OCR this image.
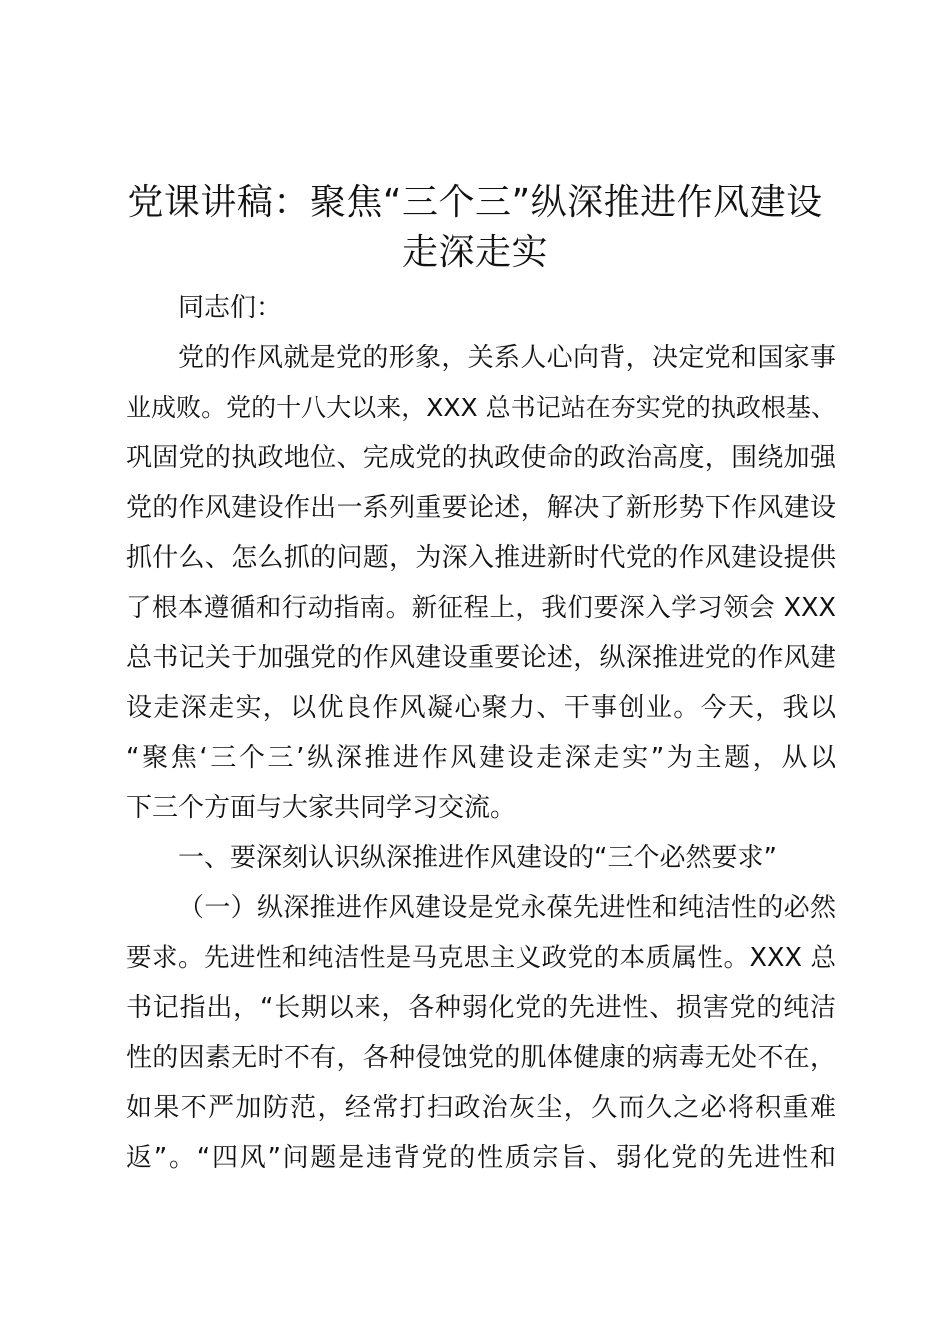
党课讲稿：聚焦“三个三”纵深推进作风建设
走深走实
同志们：
党的作风就是党的形象，关系人心向背，决定党和国家事
业成败。党的十八大以来，XXX 总书记站在夯实党的执政根基、
巩固党的执政地位、完成党的执政使命的政治高度，围绕加强
党的作风建设作出一系列重要论述，解决了新形势下作风建设
抓什么、怎么抓的问题，为深入推进新时代党的作风建设提供
了根本遵循和行动指南。新征程上，我们要深入学习领会 XXX
总书记关于加强党的作风建设重要论述，纵深推进党的作风建
设走深走实，以优良作风凝心聚力、干事创业。今天，我以
“聚焦‘三个三’纵深推进作风建设走深走实”为主题，从以
下三个方面与大家共同学习交流。
一、要深刻认识纵深推进作风建设的“三个必然要求”
（一）纵深推进作风建设是党永葆先进性和纯洁性的必然
要求。先进性和纯洁性是马克思主义政党的本质属性。XXX 总
书记指出，“长期以来，各种弱化党的先进性、损害党的纯洁
性的因素无时不有，各种侵蚀党的肌体健康的病毒无处不在，
如果不严加防范，经常打扫政治灰尘，久而久之必将积重难
返”。“四风”问题是违背党的性质宗旨、弱化党的先进性和
